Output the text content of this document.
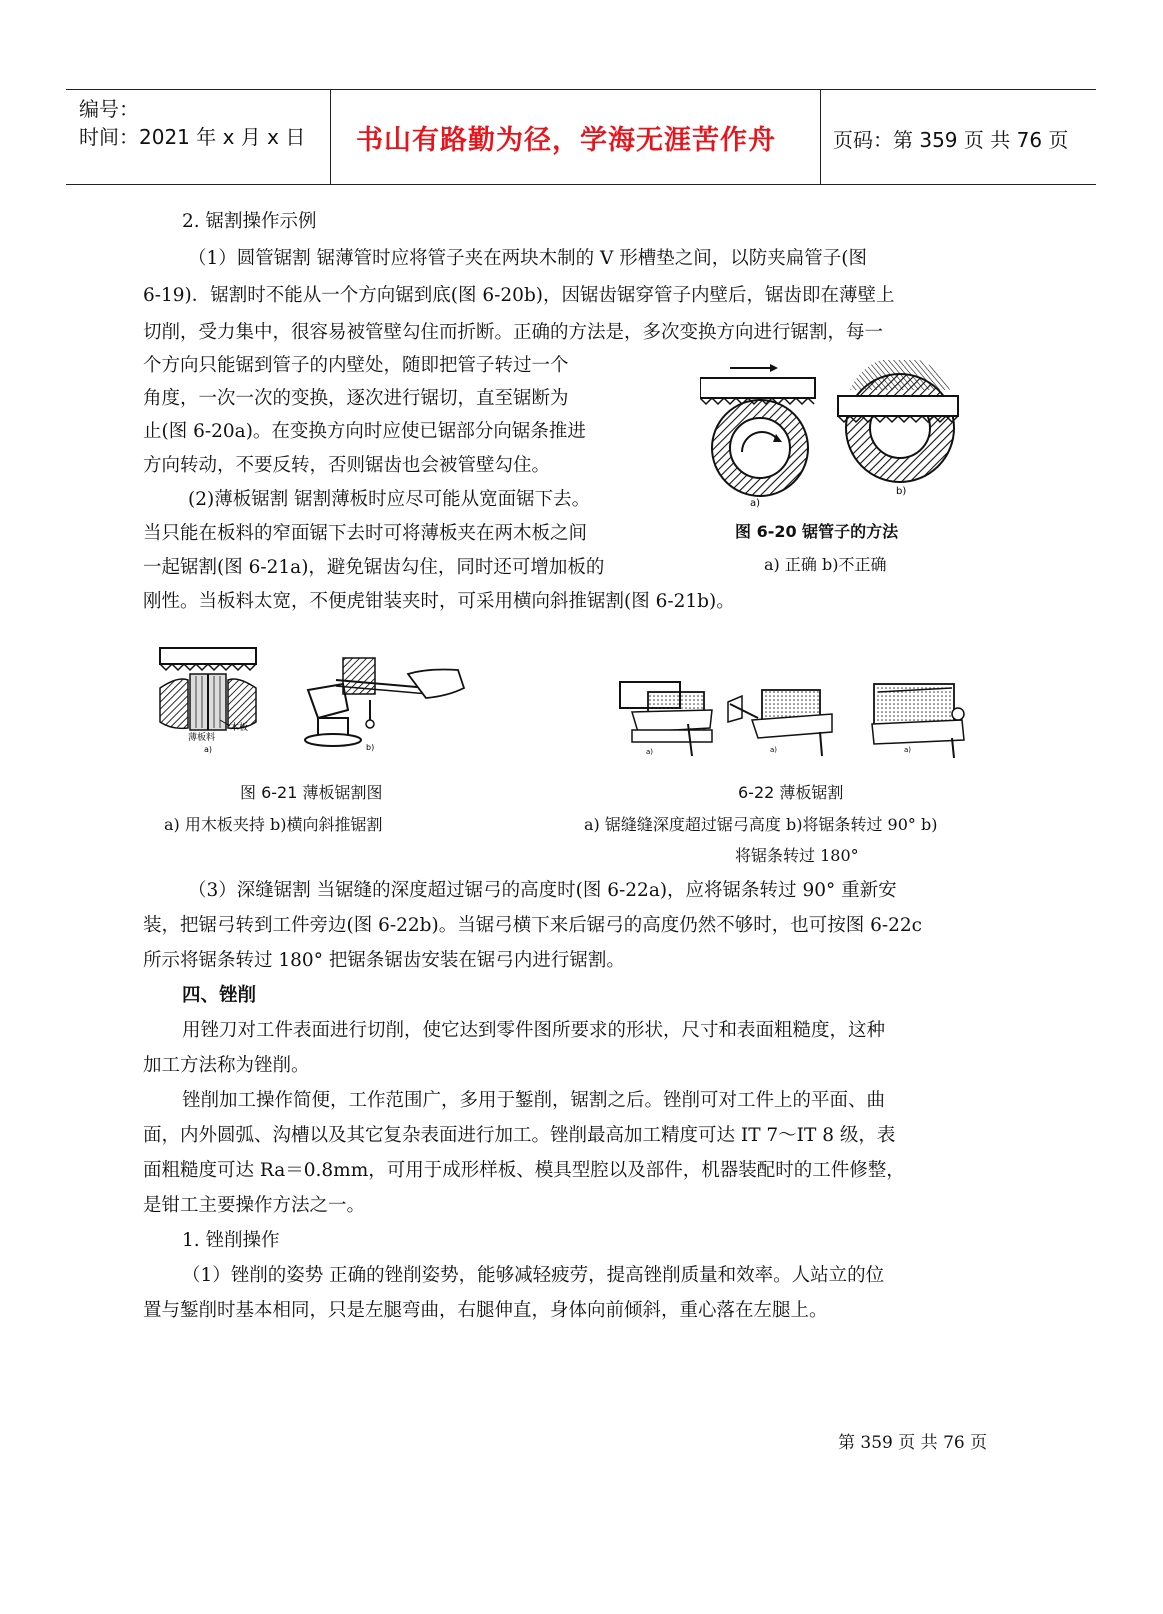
编号：
时间：2021 年 x 月 x 日 书山有路勤为径，学海无涯苦作舟	页码：第 359 页 共 76 页
2. 锯割操作示例
（1）圆管锯割 锯薄管时应将管子夹在两块木制的 V 形槽垫之间，以防夹扁管子(图
6-19)．锯割时不能从一个方向锯到底(图 6-20b)，因锯齿锯穿管子内壁后，锯齿即在薄壁上
切削，受力集中，很容易被管壁勾住而折断。正确的方法是，多次变换方向进行锯割，每一
个方向只能锯到管子的内壁处，随即把管子转过一个
角度，一次一次的变换，逐次进行锯切，直至锯断为
止(图 6-20a)。在变换方向时应使已锯部分向锯条推进
方向转动，不要反转，否则锯齿也会被管壁勾住。
(2)薄板锯割 锯割薄板时应尽可能从宽面锯下去。
当只能在板料的窄面锯下去时可将薄板夹在两木板之间
一起锯割(图 6-21a)，避免锯齿勾住，同时还可增加板的
刚性。当板料太宽，不便虎钳装夹时，可采用横向斜推锯割(图 6-21b)。
a)
b)
图 6-20 锯管子的方法
a) 正确 b)不正确
木板
薄板料
a)	b)
图 6-21 薄板锯割图
a) 用木板夹持 b)横向斜推锯割
a)	a)	a)
6-22 薄板锯割
a) 锯缝缝深度超过锯弓高度 b)将锯条转过 90° b)
将锯条转过 180°
（3）深缝锯割 当锯缝的深度超过锯弓的高度时(图 6-22a)，应将锯条转过 90° 重新安
装，把锯弓转到工件旁边(图 6-22b)。当锯弓横下来后锯弓的高度仍然不够时，也可按图 6-22c
所示将锯条转过 180° 把锯条锯齿安装在锯弓内进行锯割。
四、锉削
用锉刀对工件表面进行切削，使它达到零件图所要求的形状，尺寸和表面粗糙度，这种
加工方法称为锉削。
锉削加工操作简便，工作范围广，多用于錾削，锯割之后。锉削可对工件上的平面、曲
面，内外圆弧、沟槽以及其它复杂表面进行加工。锉削最高加工精度可达 IT 7～IT 8 级，表
面粗糙度可达 Ra＝0.8mm，可用于成形样板、模具型腔以及部件，机器装配时的工件修整，
是钳工主要操作方法之一。
1. 锉削操作
（1）锉削的姿势 正确的锉削姿势，能够减轻疲劳，提高锉削质量和效率。人站立的位
置与錾削时基本相同，只是左腿弯曲，右腿伸直，身体向前倾斜，重心落在左腿上。
第 359 页 共 76 页
